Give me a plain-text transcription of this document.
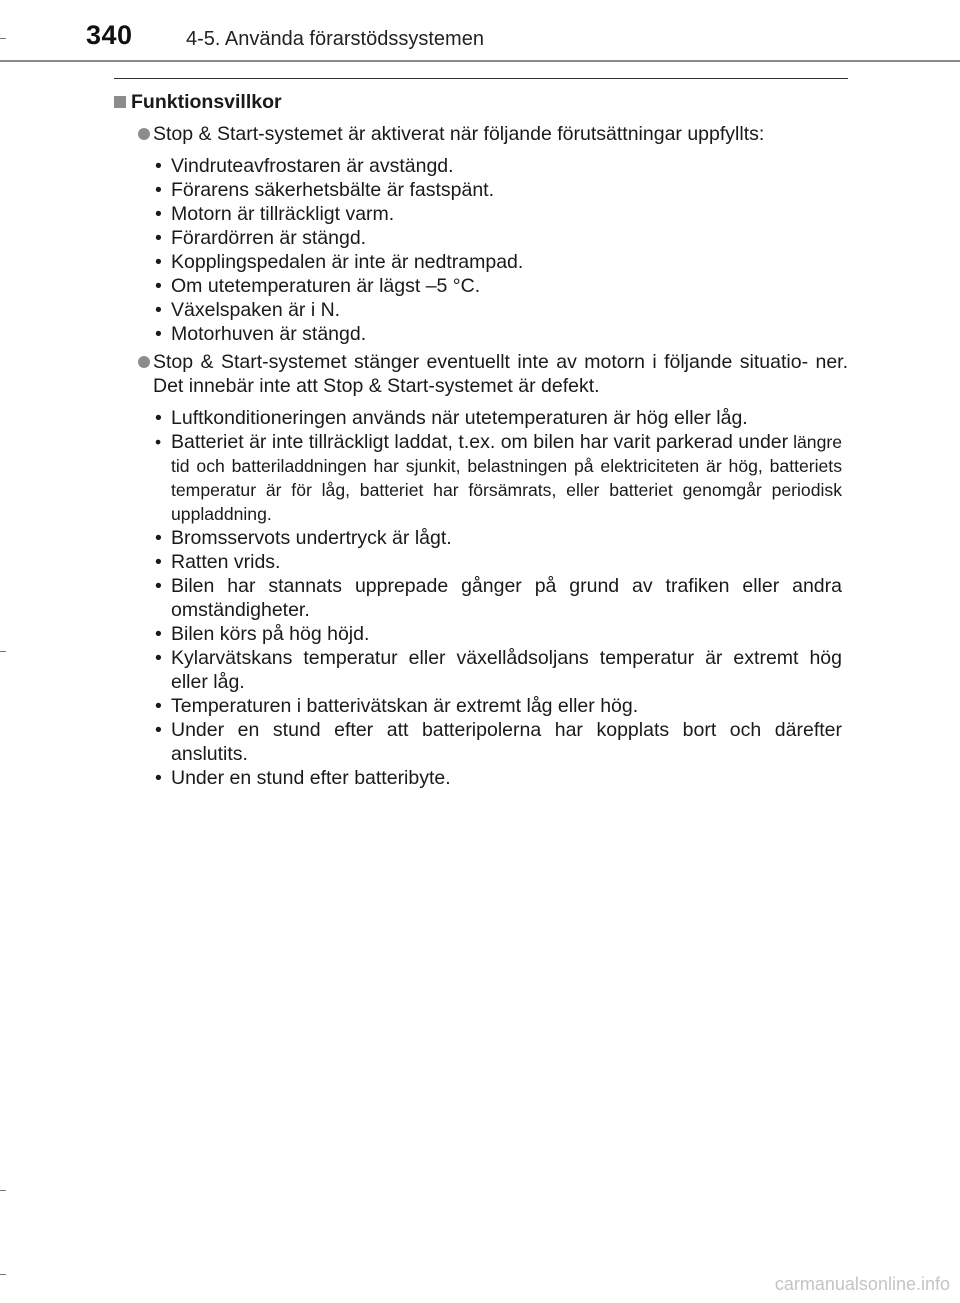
340	4-5. Använda förarstödssystemen
Funktionsvillkor
Stop & Start-systemet är aktiverat när följande förutsättningar uppfyllts:
• Vindruteavfrostaren är avstängd.
• Förarens säkerhetsbälte är fastspänt.
• Motorn är tillräckligt varm.
• Förardörren är stängd.
• Kopplingspedalen är inte är nedtrampad.
• Om utetemperaturen är lägst –5 °C.
• Växelspaken är i N.
• Motorhuven är stängd.
Stop & Start-systemet stänger eventuellt inte av motorn i följande situatio- ner. Det innebär inte att Stop & Start-systemet är defekt.
• Luftkonditioneringen används när utetemperaturen är hög eller låg.
• Batteriet är inte tillräckligt laddat, t.ex. om bilen har varit parkerad under längre tid och batteriladdningen har sjunkit, belastningen på elektriciteten är hög, batteriets temperatur är för låg, batteriet har försämrats, eller batteriet genomgår periodisk uppladdning.
• Bromsservots undertryck är lågt.
• Ratten vrids.
• Bilen har stannats upprepade gånger på grund av trafiken eller andra omständigheter.
• Bilen körs på hög höjd.
• Kylarvätskans temperatur eller växellådsoljans temperatur är extremt hög eller låg.
• Temperaturen i batterivätskan är extremt låg eller hög.
• Under en stund efter att batteripolerna har kopplats bort och därefter anslutits.
• Under en stund efter batteribyte.
carmanualsonline.info
